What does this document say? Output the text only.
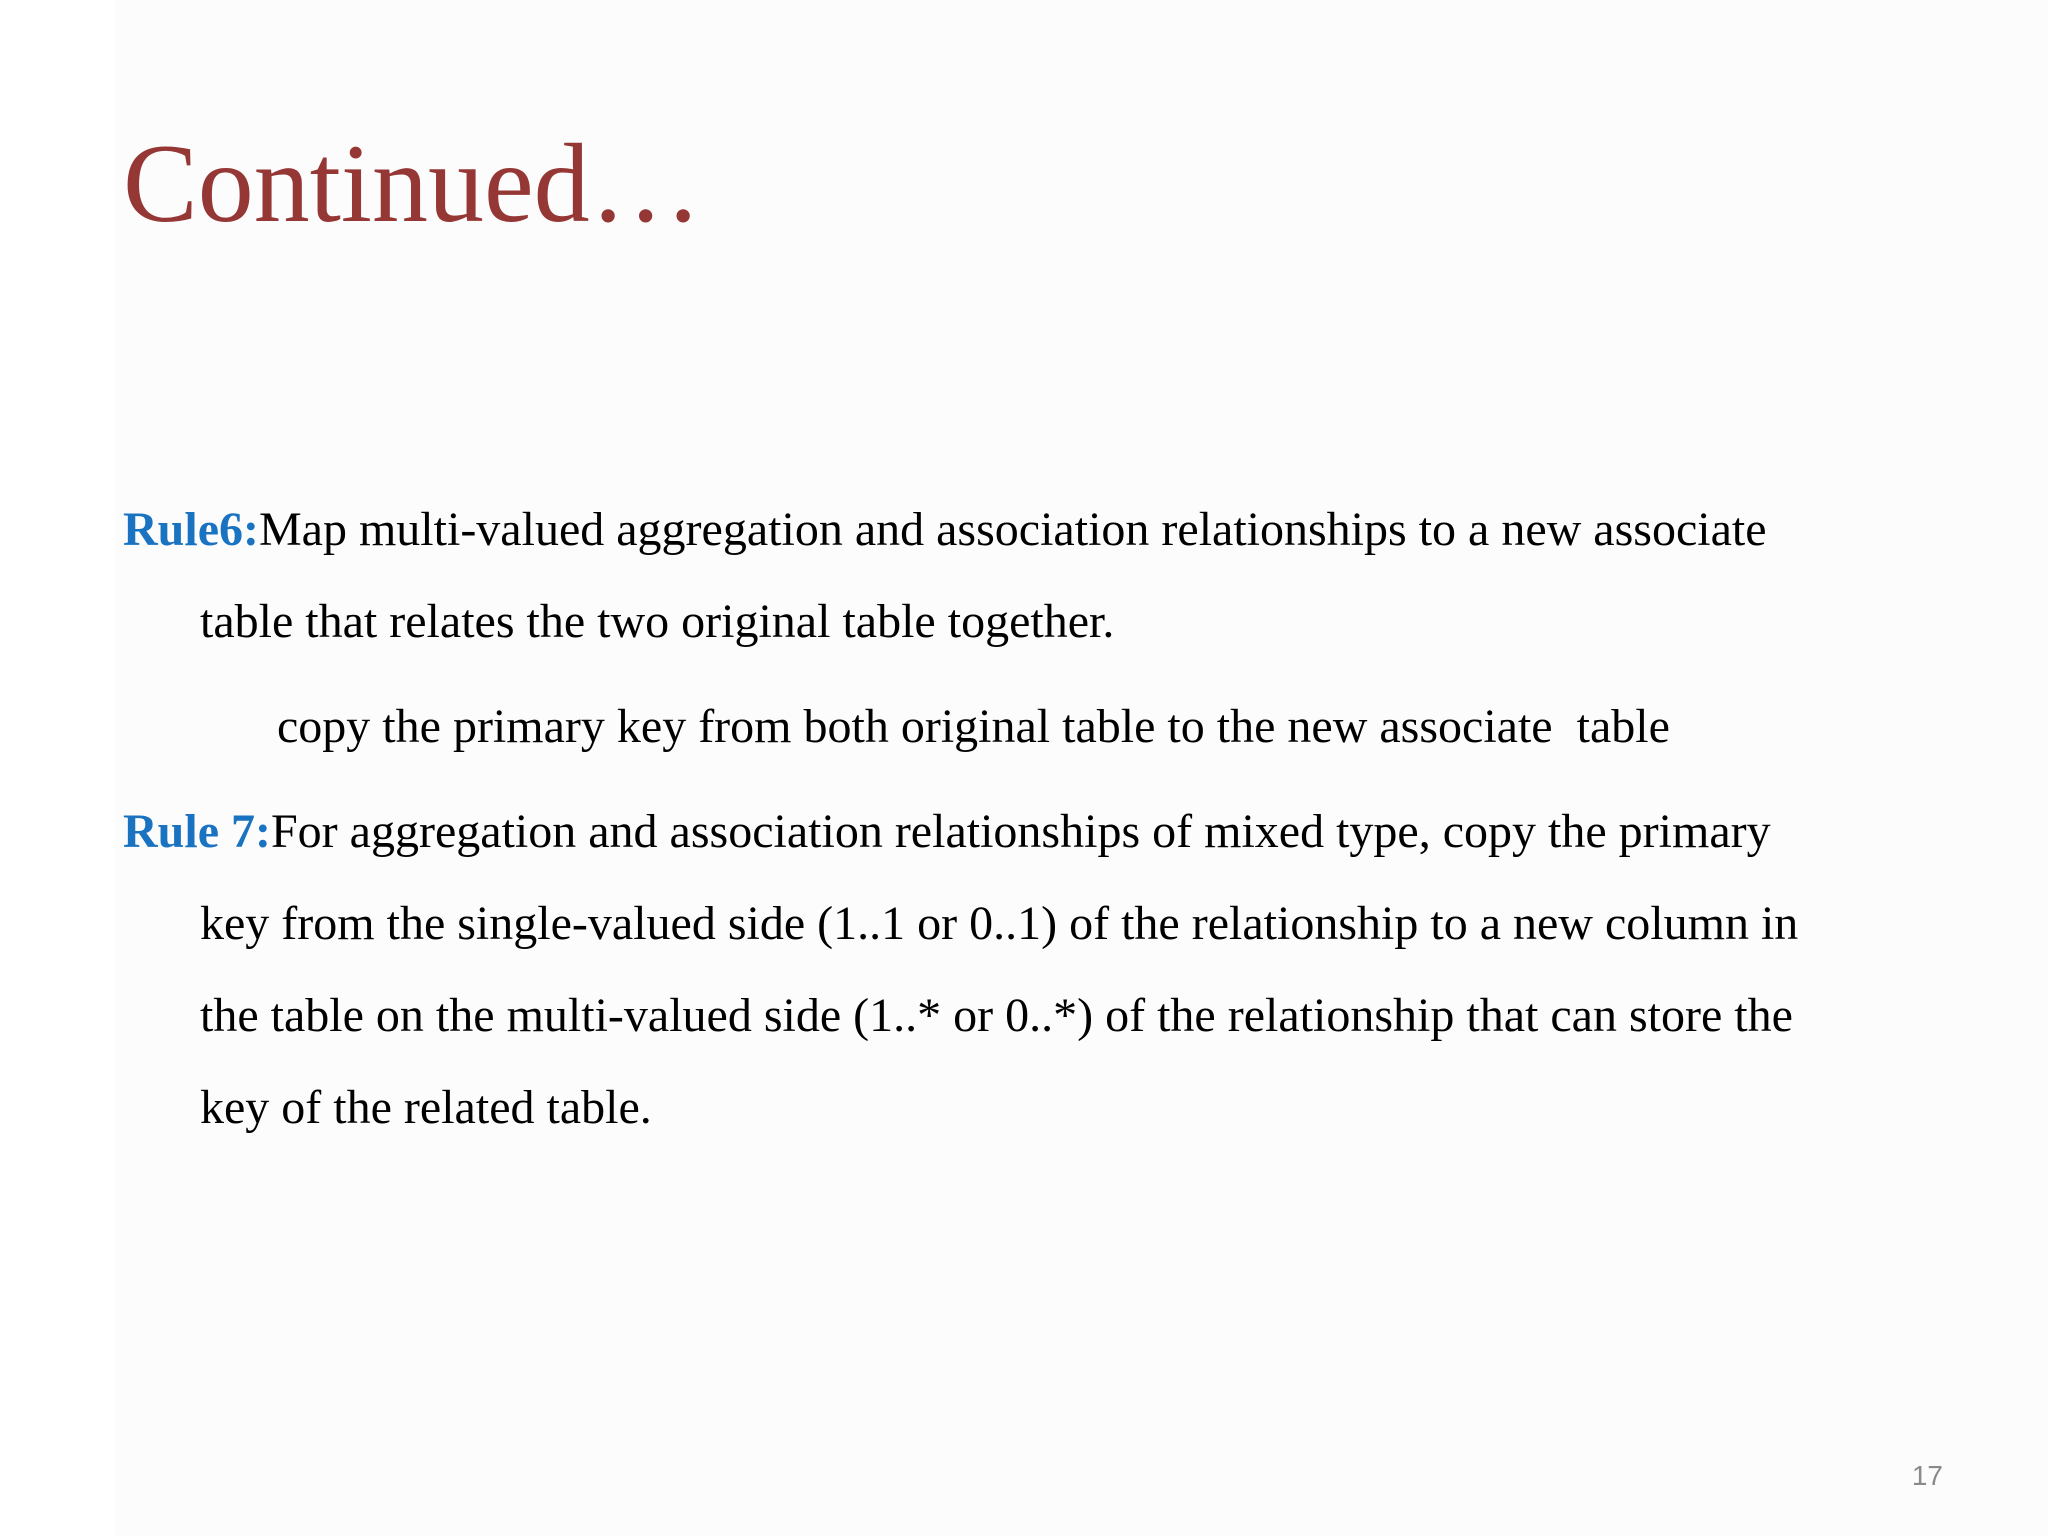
Continued…
Rule6:Map multi-valued aggregation and association relationships to a new associate
table that relates the two original table together.
copy the primary key from both original table to the new associate  table
Rule 7:For aggregation and association relationships of mixed type, copy the primary
key from the single-valued side (1..1 or 0..1) of the relationship to a new column in
the table on the multi-valued side (1..* or 0..*) of the relationship that can store the
key of the related table.
17
